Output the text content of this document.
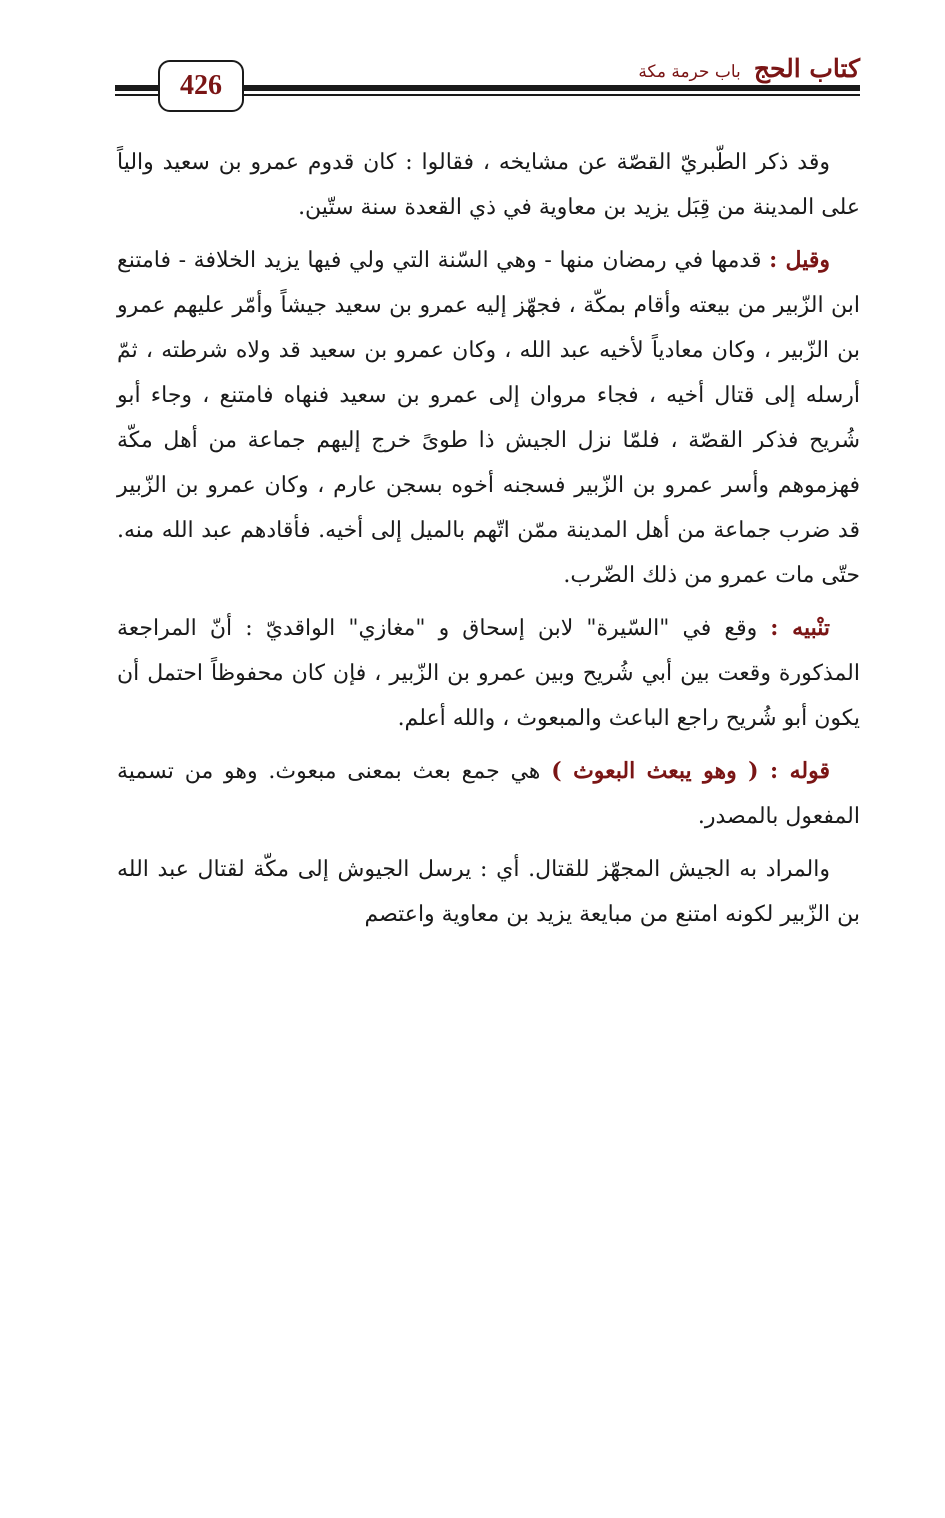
426
كتاب الحج باب حرمة مكة

وقد ذكر الطّبريّ القصّة عن مشايخه ، فقالوا : كان قدوم عمرو بن سعيد والياً على المدينة من قِبَل يزيد بن معاوية في ذي القعدة سنة ستّين.

وقيل : قدمها في رمضان منها - وهي السّنة التي ولي فيها يزيد الخلافة - فامتنع ابن الزّبير من بيعته وأقام بمكّة ، فجهّز إليه عمرو بن سعيد جيشاً وأمّر عليهم عمرو بن الزّبير ، وكان معادياً لأخيه عبد الله ، وكان عمرو بن سعيد قد ولاه شرطته ، ثمّ أرسله إلى قتال أخيه ، فجاء مروان إلى عمرو بن سعيد فنهاه فامتنع ، وجاء أبو شُريح فذكر القصّة ، فلمّا نزل الجيش ذا طوىً خرج إليهم جماعة من أهل مكّة فهزموهم وأسر عمرو بن الزّبير فسجنه أخوه بسجن عارم ، وكان عمرو بن الزّبير قد ضرب جماعة من أهل المدينة ممّن اتّهم بالميل إلى أخيه. فأقادهم عبد الله منه. حتّى مات عمرو من ذلك الضّرب.

تنْبيه : وقع في "السّيرة" لابن إسحاق و "مغازي" الواقديّ : أنّ المراجعة المذكورة وقعت بين أبي شُريح وبين عمرو بن الزّبير ، فإن كان محفوظاً احتمل أن يكون أبو شُريح راجع الباعث والمبعوث ، والله أعلم.

قوله : ( وهو يبعث البعوث ) هي جمع بعث بمعنى مبعوث. وهو من تسمية المفعول بالمصدر.

والمراد به الجيش المجهّز للقتال. أي : يرسل الجيوش إلى مكّة لقتال عبد الله بن الزّبير لكونه امتنع من مبايعة يزيد بن معاوية واعتصم
